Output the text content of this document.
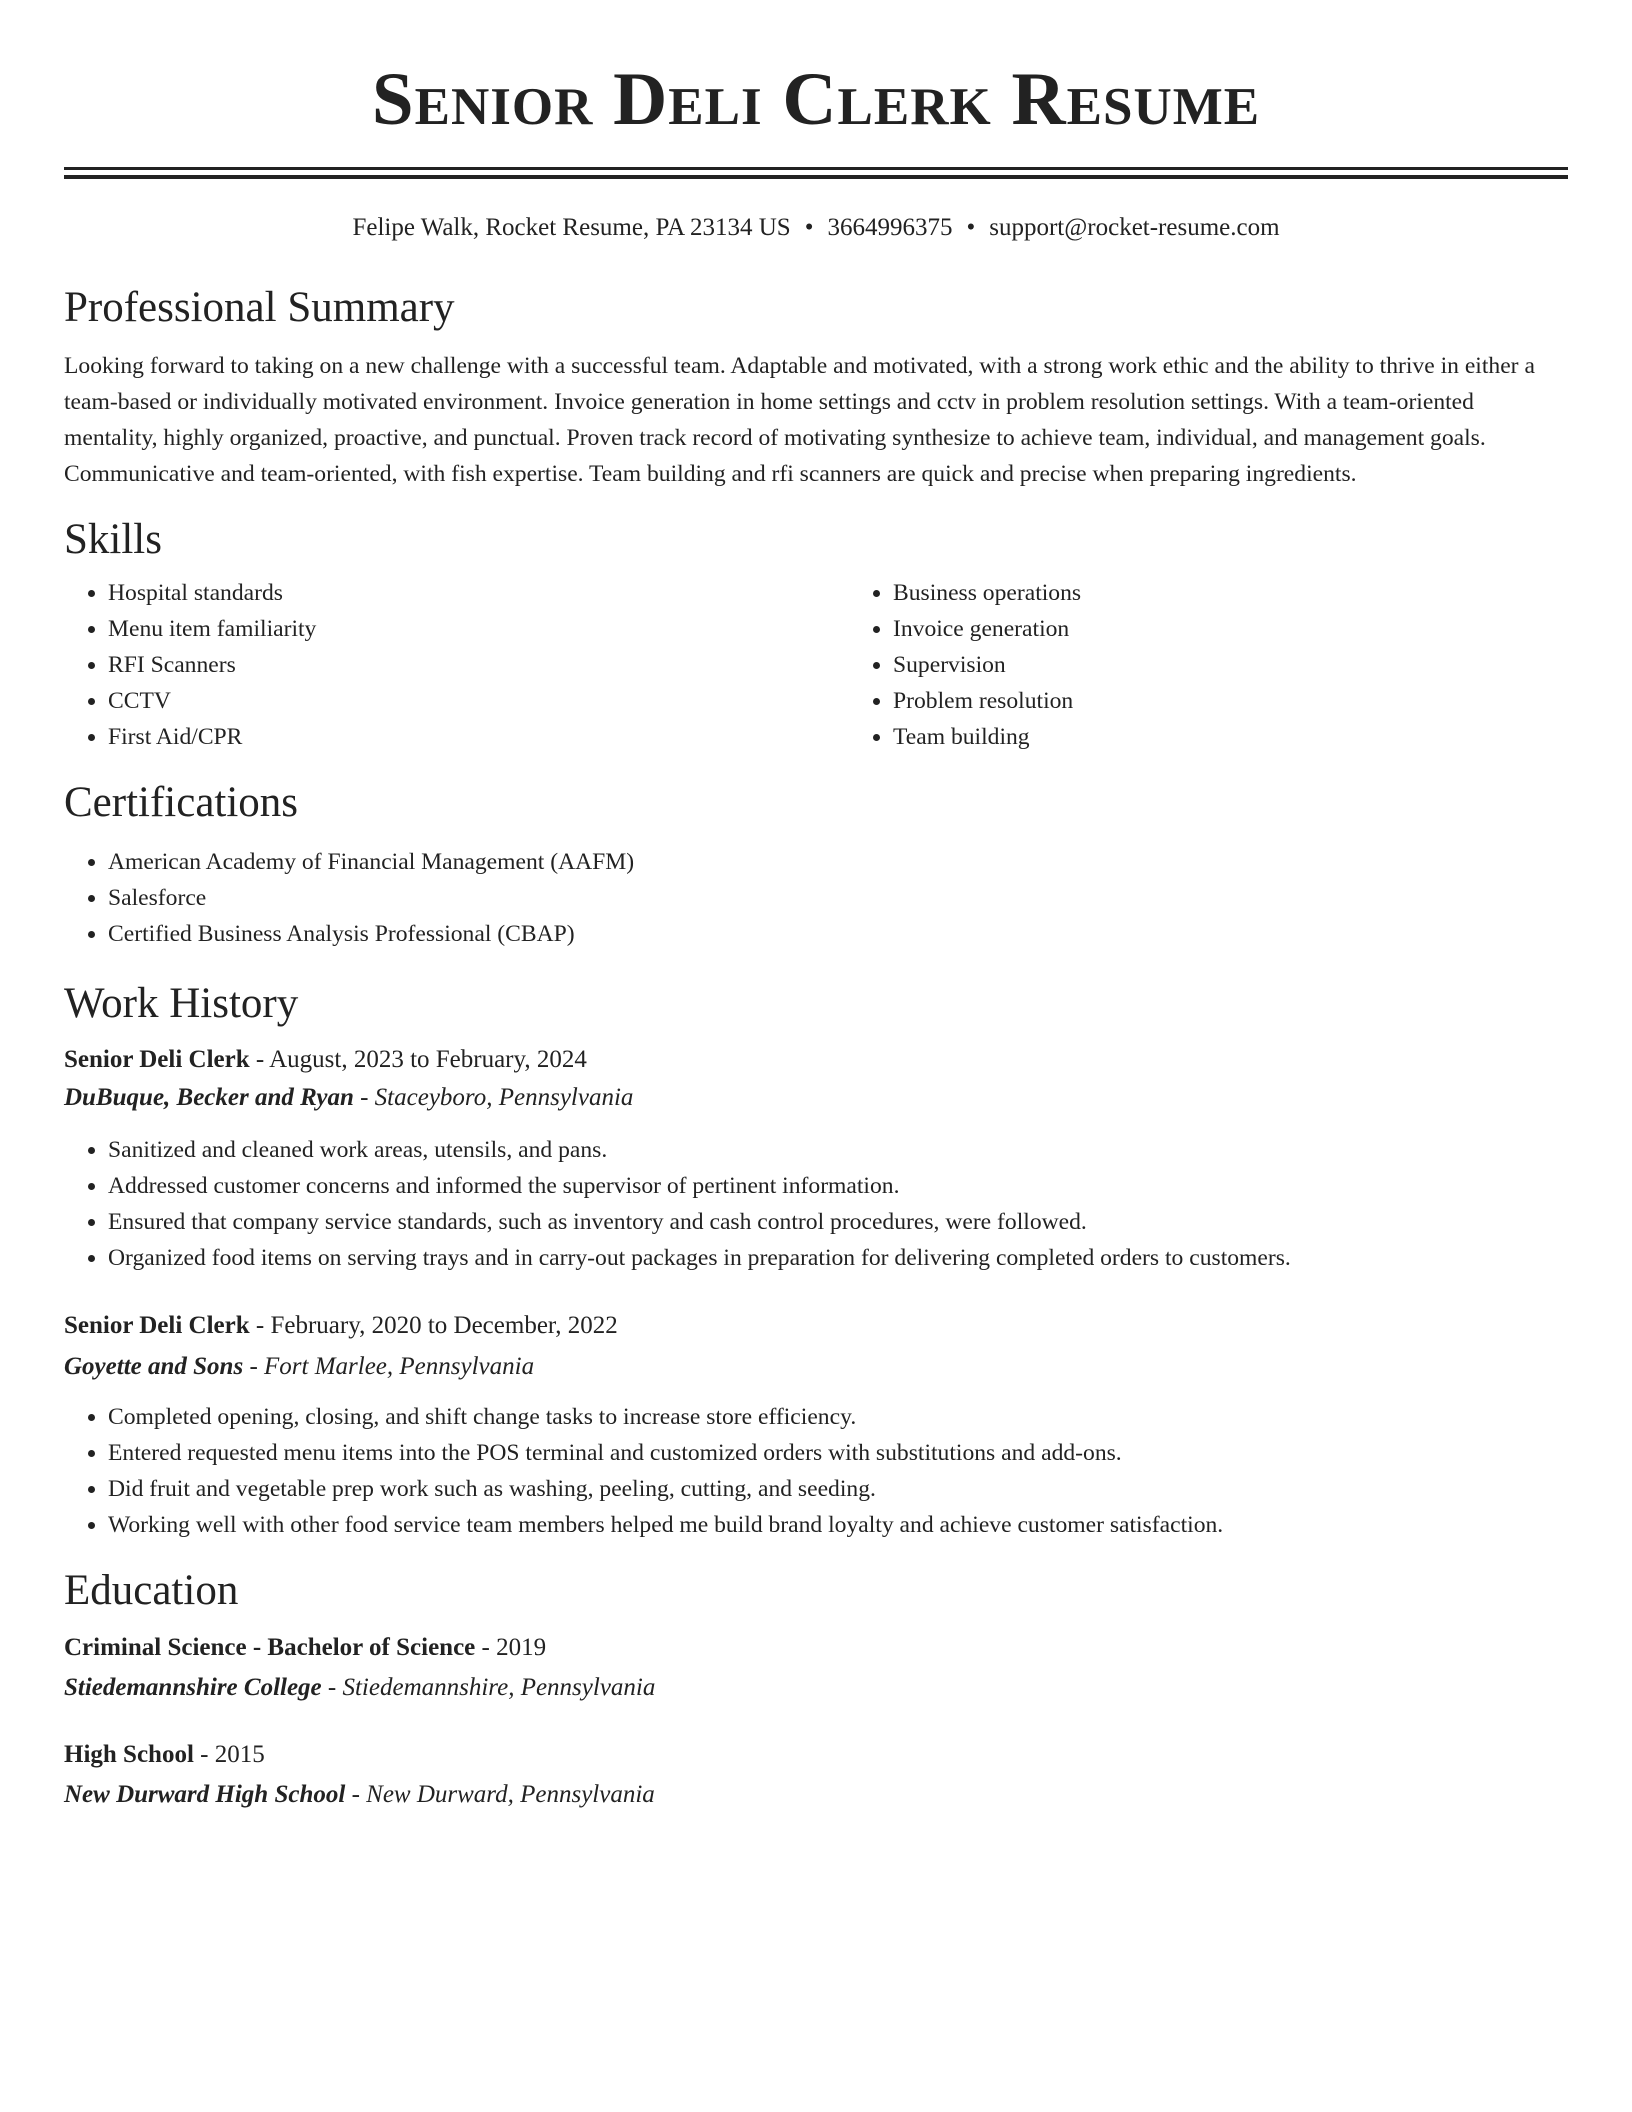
Senior Deli Clerk Resume
Felipe Walk, Rocket Resume, PA 23134 US • 3664996375 • support@rocket-resume.com
Professional Summary

Looking forward to taking on a new challenge with a successful team. Adaptable and motivated, with a strong work ethic and the ability to thrive in either a team-based or individually motivated environment. Invoice generation in home settings and cctv in problem resolution settings. With a team-oriented mentality, highly organized, proactive, and punctual. Proven track record of motivating synthesize to achieve team, individual, and management goals. Communicative and team-oriented, with fish expertise. Team building and rfi scanners are quick and precise when preparing ingredients.

Skills
• Hospital standards
• Menu item familiarity
• RFI Scanners
• CCTV
• First Aid/CPR
• Business operations
• Invoice generation
• Supervision
• Problem resolution
• Team building
Certifications
• American Academy of Financial Management (AAFM)
• Salesforce
• Certified Business Analysis Professional (CBAP)
Work History
Senior Deli Clerk - August, 2023 to February, 2024
DuBuque, Becker and Ryan - Staceyboro, Pennsylvania
• Sanitized and cleaned work areas, utensils, and pans.
• Addressed customer concerns and informed the supervisor of pertinent information.
• Ensured that company service standards, such as inventory and cash control procedures, were followed.
• Organized food items on serving trays and in carry-out packages in preparation for delivering completed orders to customers.
Senior Deli Clerk - February, 2020 to December, 2022
Goyette and Sons - Fort Marlee, Pennsylvania
• Completed opening, closing, and shift change tasks to increase store efficiency.
• Entered requested menu items into the POS terminal and customized orders with substitutions and add-ons.
• Did fruit and vegetable prep work such as washing, peeling, cutting, and seeding.
• Working well with other food service team members helped me build brand loyalty and achieve customer satisfaction.
Education
Criminal Science - Bachelor of Science - 2019
Stiedemannshire College - Stiedemannshire, Pennsylvania
High School - 2015
New Durward High School - New Durward, Pennsylvania
